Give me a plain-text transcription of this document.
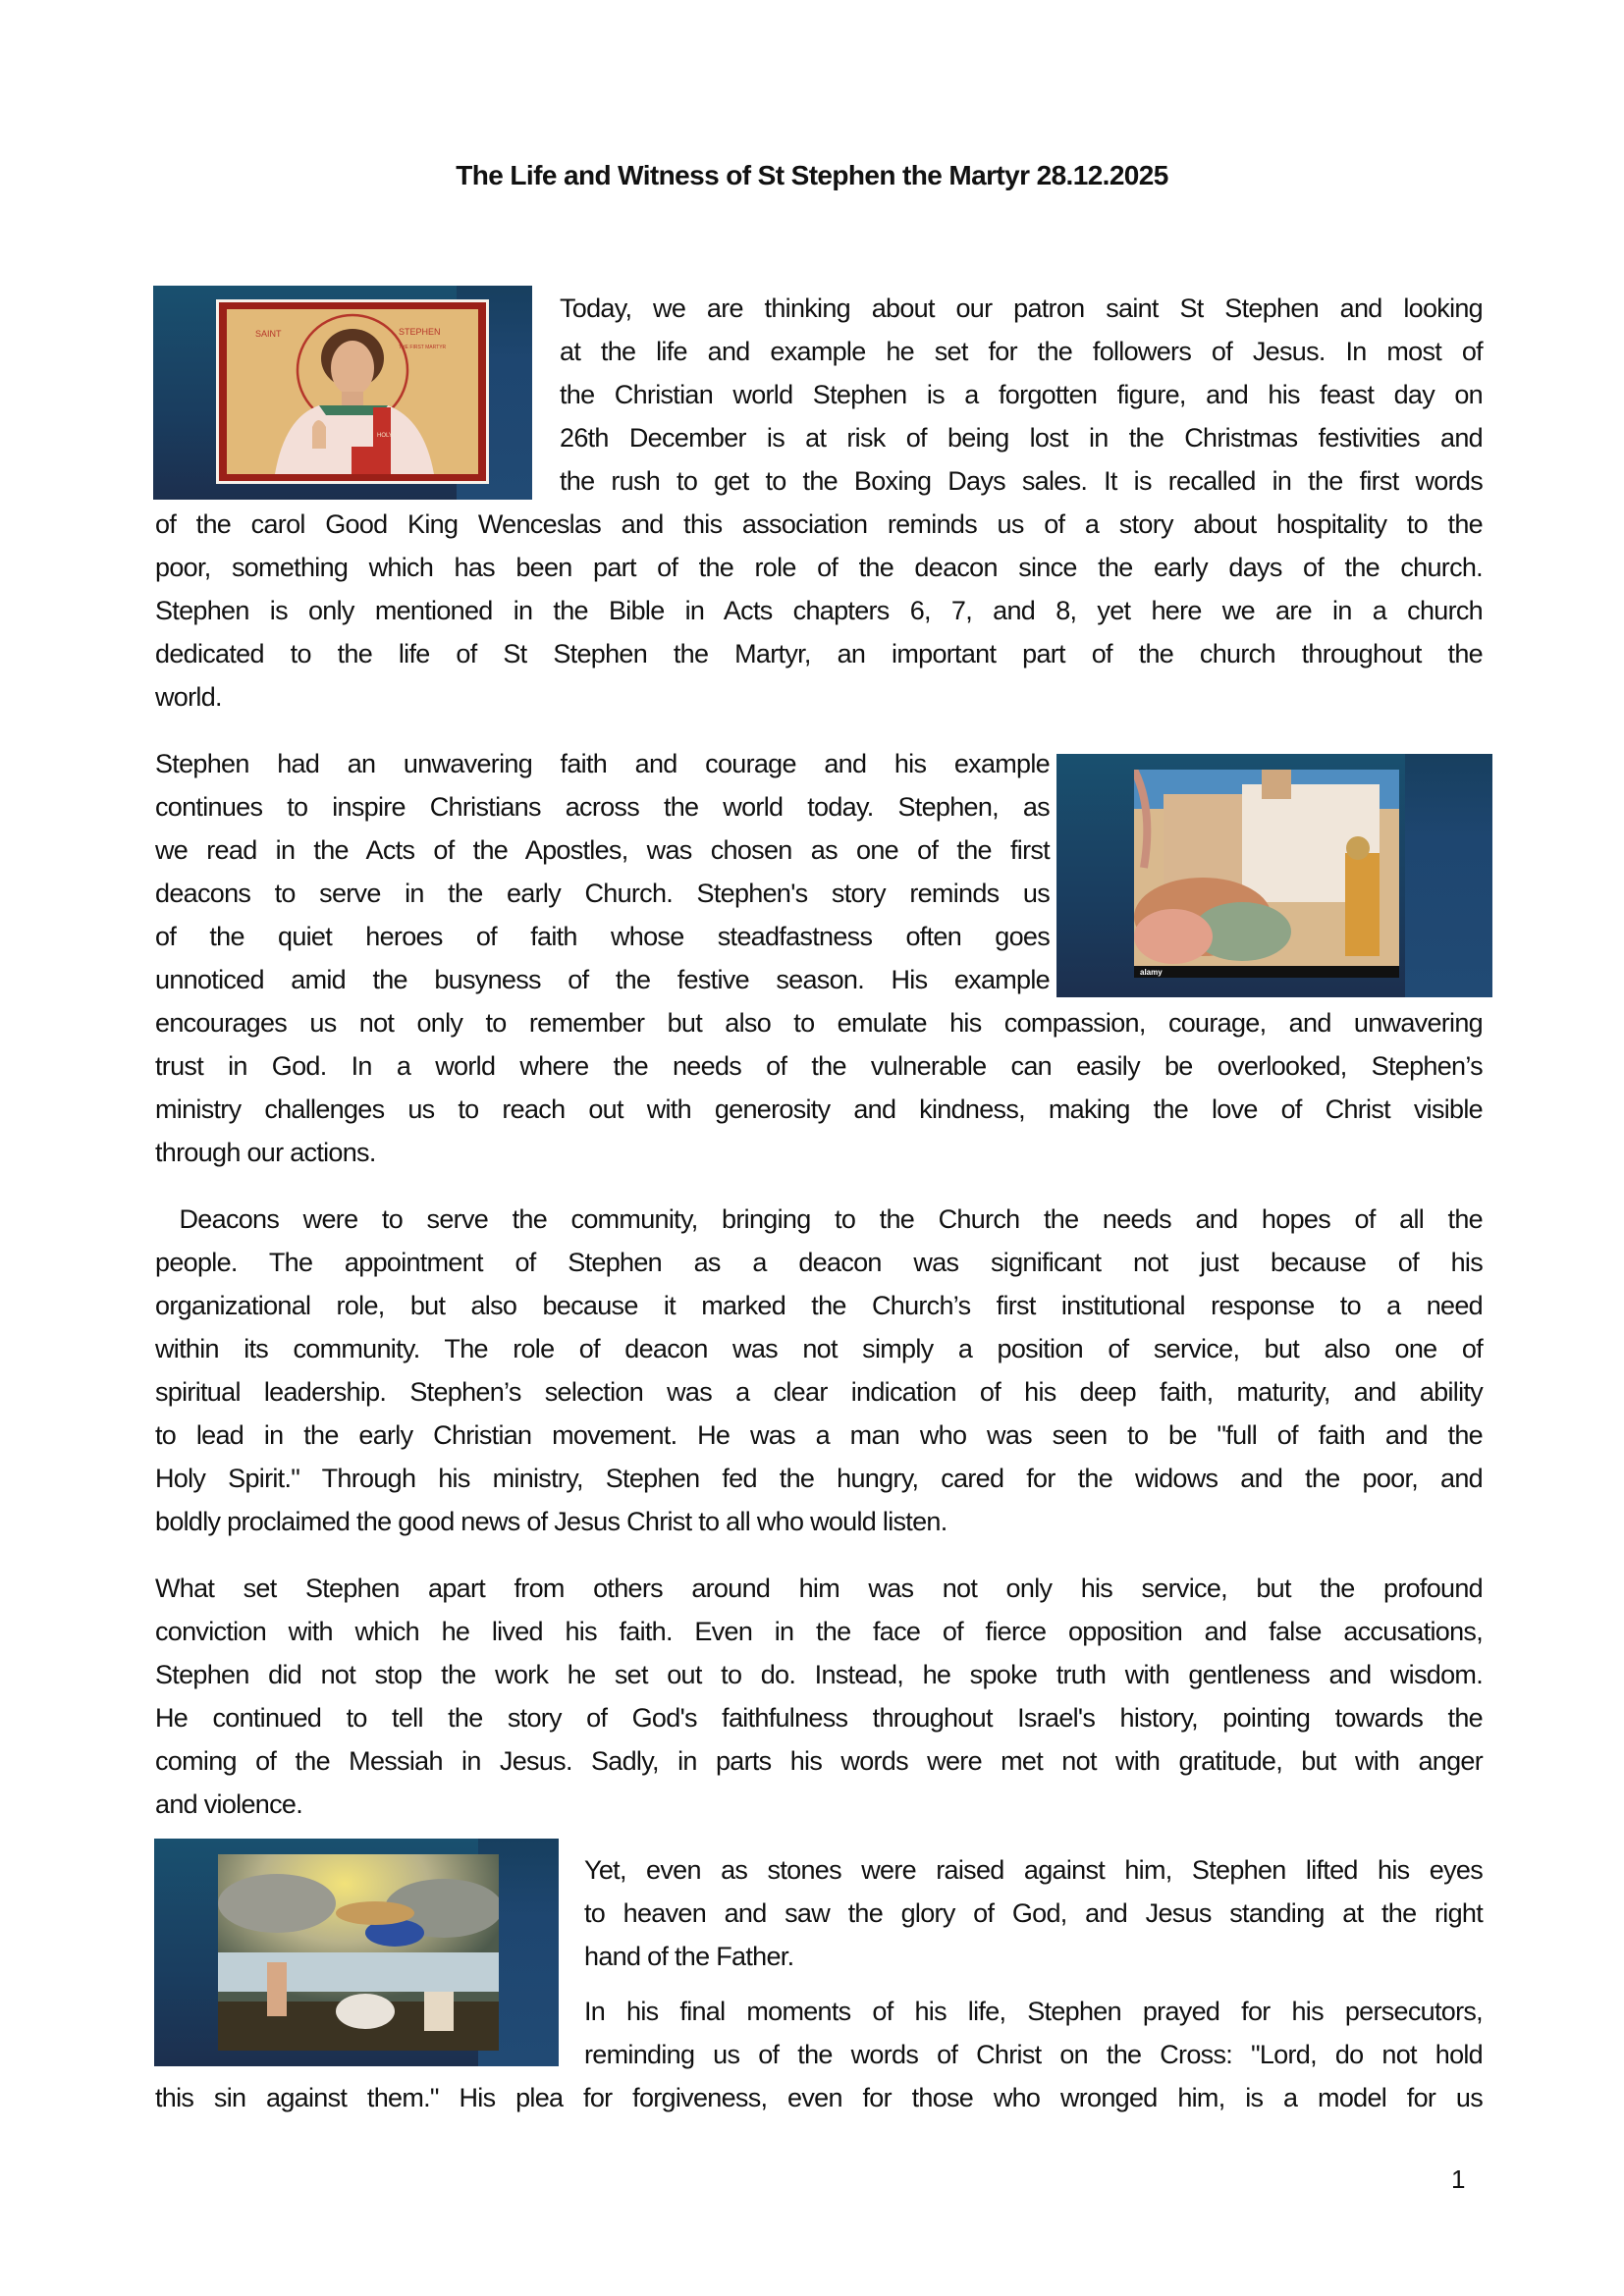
The Life and Witness of St Stephen the Martyr 28.12.2025
SAINT	STEPHEN
THE FIRST MARTYR
HOLY
Today, we are thinking about our patron saint St Stephen and looking
at the life and example he set for the followers of Jesus. In most of
the Christian world Stephen is a forgotten figure, and his feast day on
26th December is at risk of being lost in the Christmas festivities and
the rush to get to the Boxing Days sales. It is recalled in the first words
of the carol Good King Wenceslas and this association reminds us of a story about hospitality to the
poor, something which has been part of the role of the deacon since the early days of the church.
Stephen is only mentioned in the Bible in Acts chapters 6, 7, and 8, yet here we are in a church
dedicated to the life of St Stephen the Martyr, an important part of the church throughout the
world.
alamy
Stephen had an unwavering faith and courage and his example
continues to inspire Christians across the world today. Stephen, as
we read in the Acts of the Apostles, was chosen as one of the first
deacons to serve in the early Church. Stephen's story reminds us
of the quiet heroes of faith whose steadfastness often goes
unnoticed amid the busyness of the festive season. His example
encourages us not only to remember but also to emulate his compassion, courage, and unwavering
trust in God. In a world where the needs of the vulnerable can easily be overlooked, Stephen’s
ministry challenges us to reach out with generosity and kindness, making the love of Christ visible
through our actions.
Deacons were to serve the community, bringing to the Church the needs and hopes of all the
people. The appointment of Stephen as a deacon was significant not just because of his
organizational role, but also because it marked the Church’s first institutional response to a need
within its community. The role of deacon was not simply a position of service, but also one of
spiritual leadership. Stephen’s selection was a clear indication of his deep faith, maturity, and ability
to lead in the early Christian movement. He was a man who was seen to be "full of faith and the
Holy Spirit." Through his ministry, Stephen fed the hungry, cared for the widows and the poor, and
boldly proclaimed the good news of Jesus Christ to all who would listen.
What set Stephen apart from others around him was not only his service, but the profound
conviction with which he lived his faith. Even in the face of fierce opposition and false accusations,
Stephen did not stop the work he set out to do. Instead, he spoke truth with gentleness and wisdom.
He continued to tell the story of God's faithfulness throughout Israel's history, pointing towards the
coming of the Messiah in Jesus. Sadly, in parts his words were met not with gratitude, but with anger
and violence.
Yet, even as stones were raised against him, Stephen lifted his eyes
to heaven and saw the glory of God, and Jesus standing at the right
hand of the Father.
In his final moments of his life, Stephen prayed for his persecutors,
reminding us of the words of Christ on the Cross: "Lord, do not hold
this sin against them." His plea for forgiveness, even for those who wronged him, is a model for us
1
